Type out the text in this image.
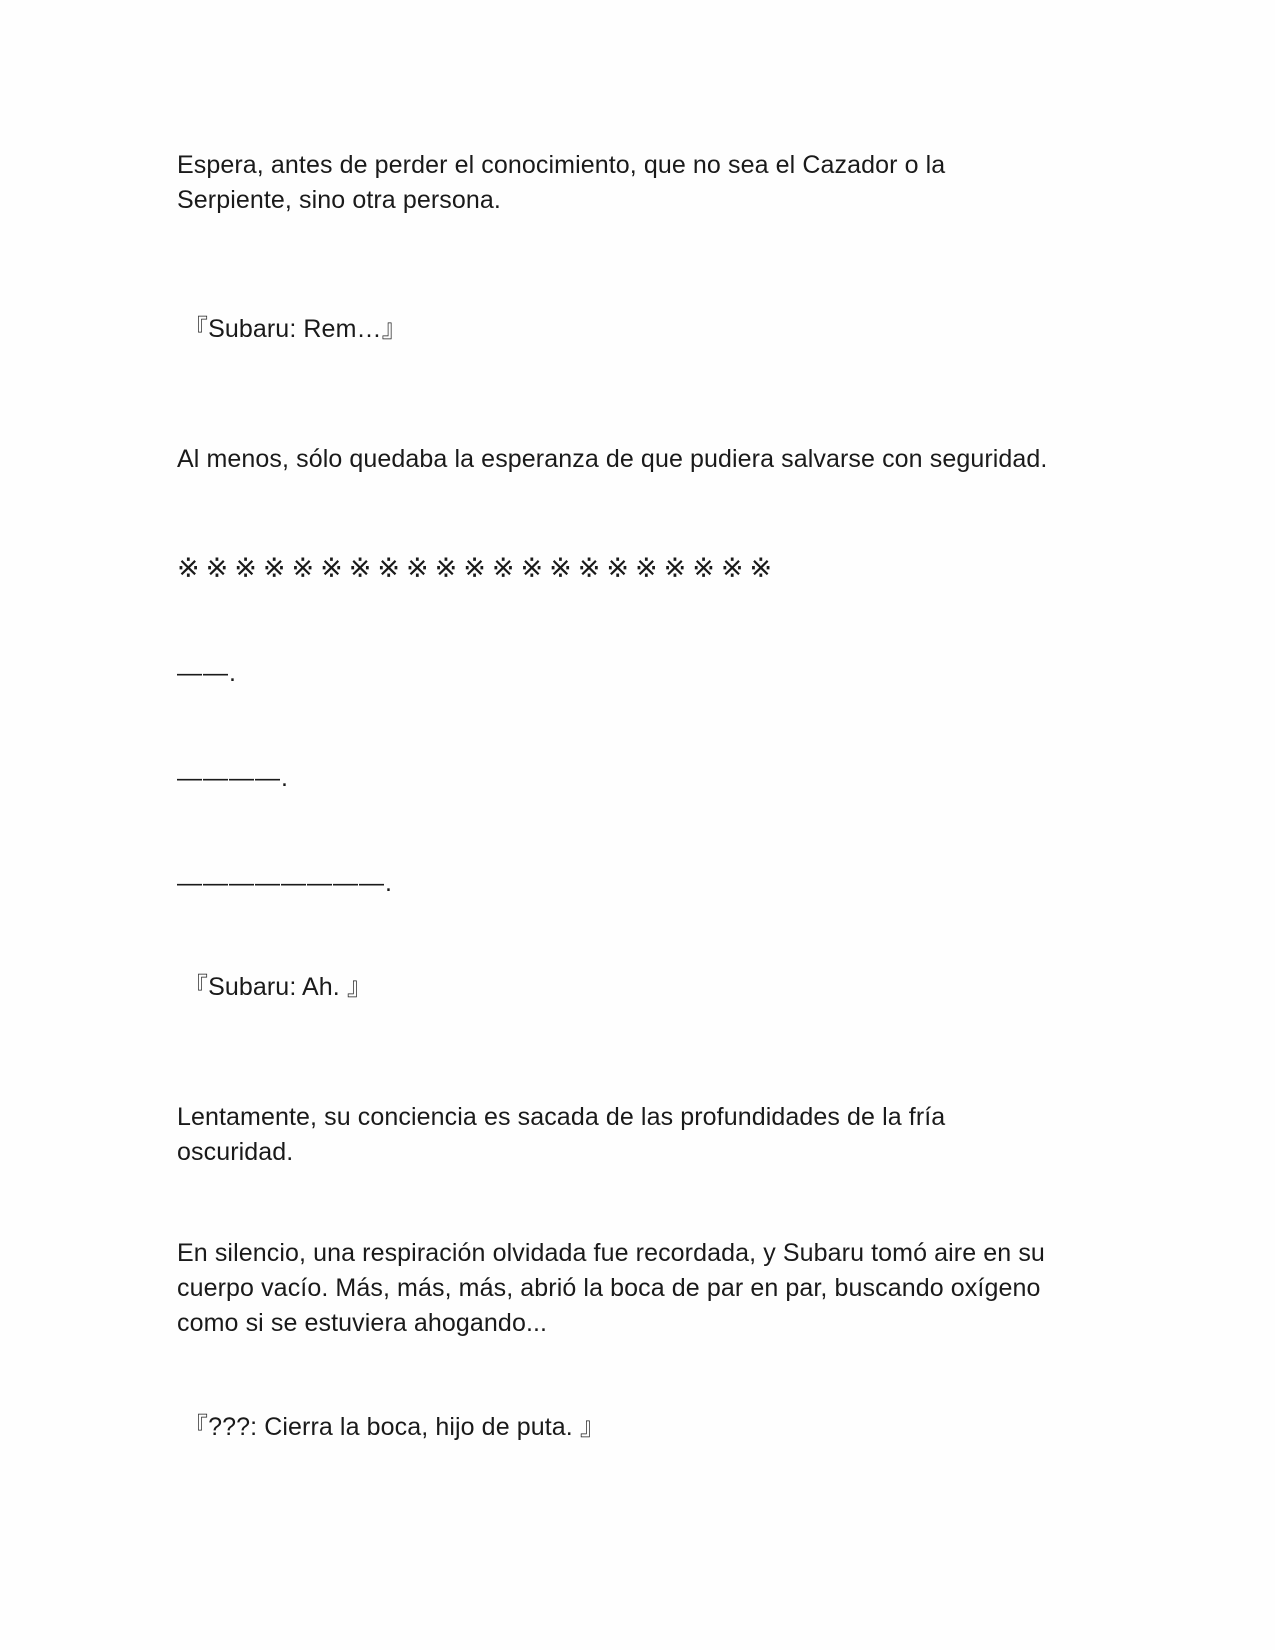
Espera, antes de perder el conocimiento, que no sea el Cazador o la

Serpiente, sino otra persona.

『Subaru: Rem…』

Al menos, sólo quedaba la esperanza de que pudiera salvarse con seguridad.

※※※※※※※※※※※※※※※※※※※※※

——.

————.

————————.

『Subaru: Ah. 』

Lentamente, su conciencia es sacada de las profundidades de la fría

oscuridad.

En silencio, una respiración olvidada fue recordada, y Subaru tomó aire en su

cuerpo vacío. Más, más, más, abrió la boca de par en par, buscando oxígeno

como si se estuviera ahogando...

『???: Cierra la boca, hijo de puta. 』
